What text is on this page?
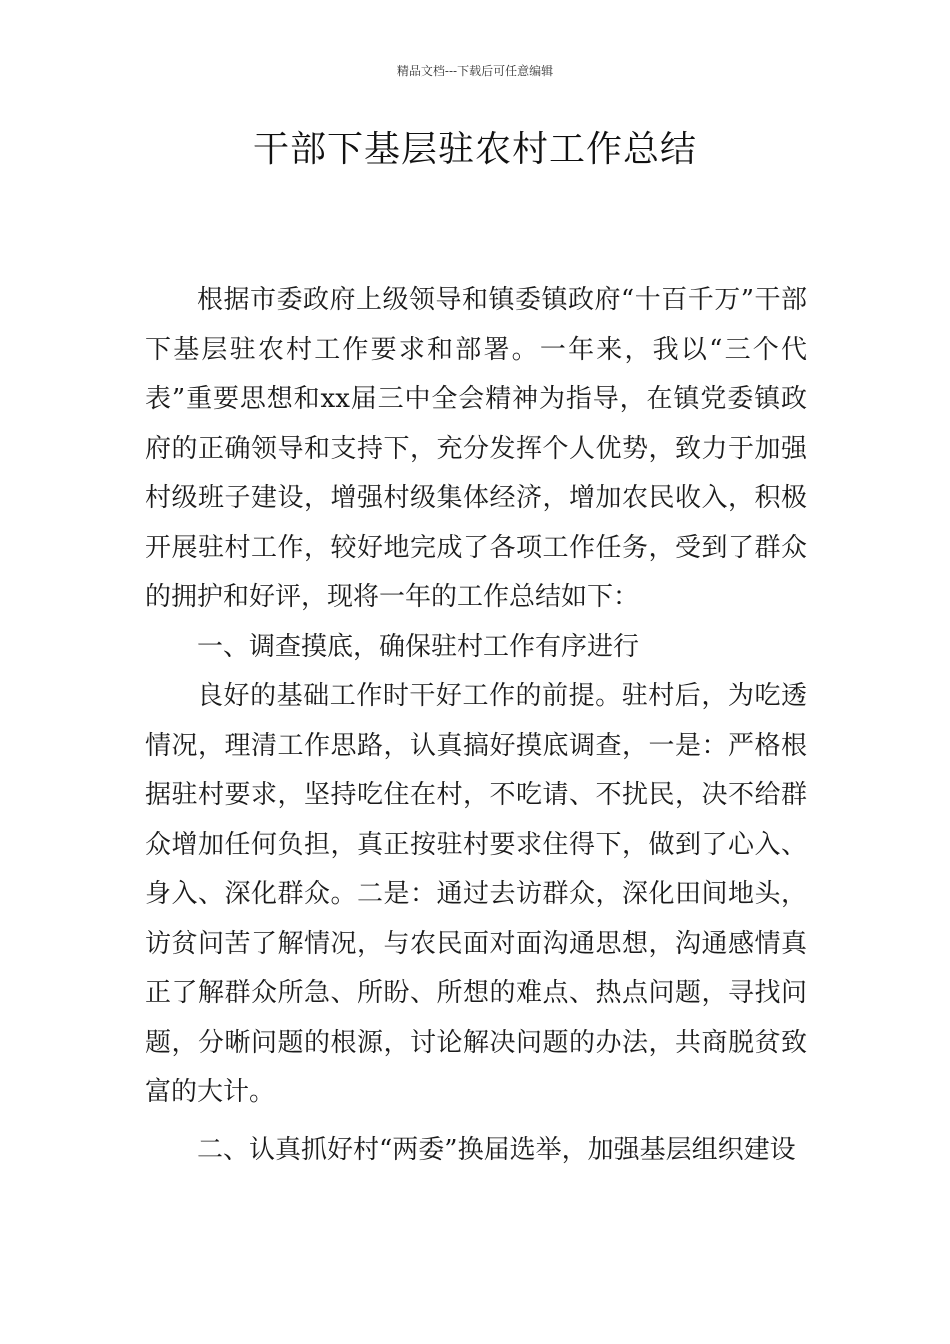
精品文档---下载后可任意编辑
干部下基层驻农村工作总结

根据市委政府上级领导和镇委镇政府“十百千万”干部下基层驻农村工作要求和部署。一年来，我以“三个代表”重要思想和xx届三中全会精神为指导，在镇党委镇政府的正确领导和支持下，充分发挥个人优势，致力于加强村级班子建设，增强村级集体经济，增加农民收入，积极开展驻村工作，较好地完成了各项工作任务，受到了群众的拥护和好评，现将一年的工作总结如下：

一、调查摸底，确保驻村工作有序进行

良好的基础工作时干好工作的前提。驻村后，为吃透情况，理清工作思路，认真搞好摸底调查，一是：严格根据驻村要求，坚持吃住在村，不吃请、不扰民，决不给群众增加任何负担，真正按驻村要求住得下，做到了心入、身入、深化群众。二是：通过去访群众，深化田间地头，访贫问苦了解情况，与农民面对面沟通思想，沟通感情真正了解群众所急、所盼、所想的难点、热点问题，寻找问题，分晰问题的根源，讨论解决问题的办法，共商脱贫致富的大计。

二、认真抓好村“两委”换届选举，加强基层组织建设
